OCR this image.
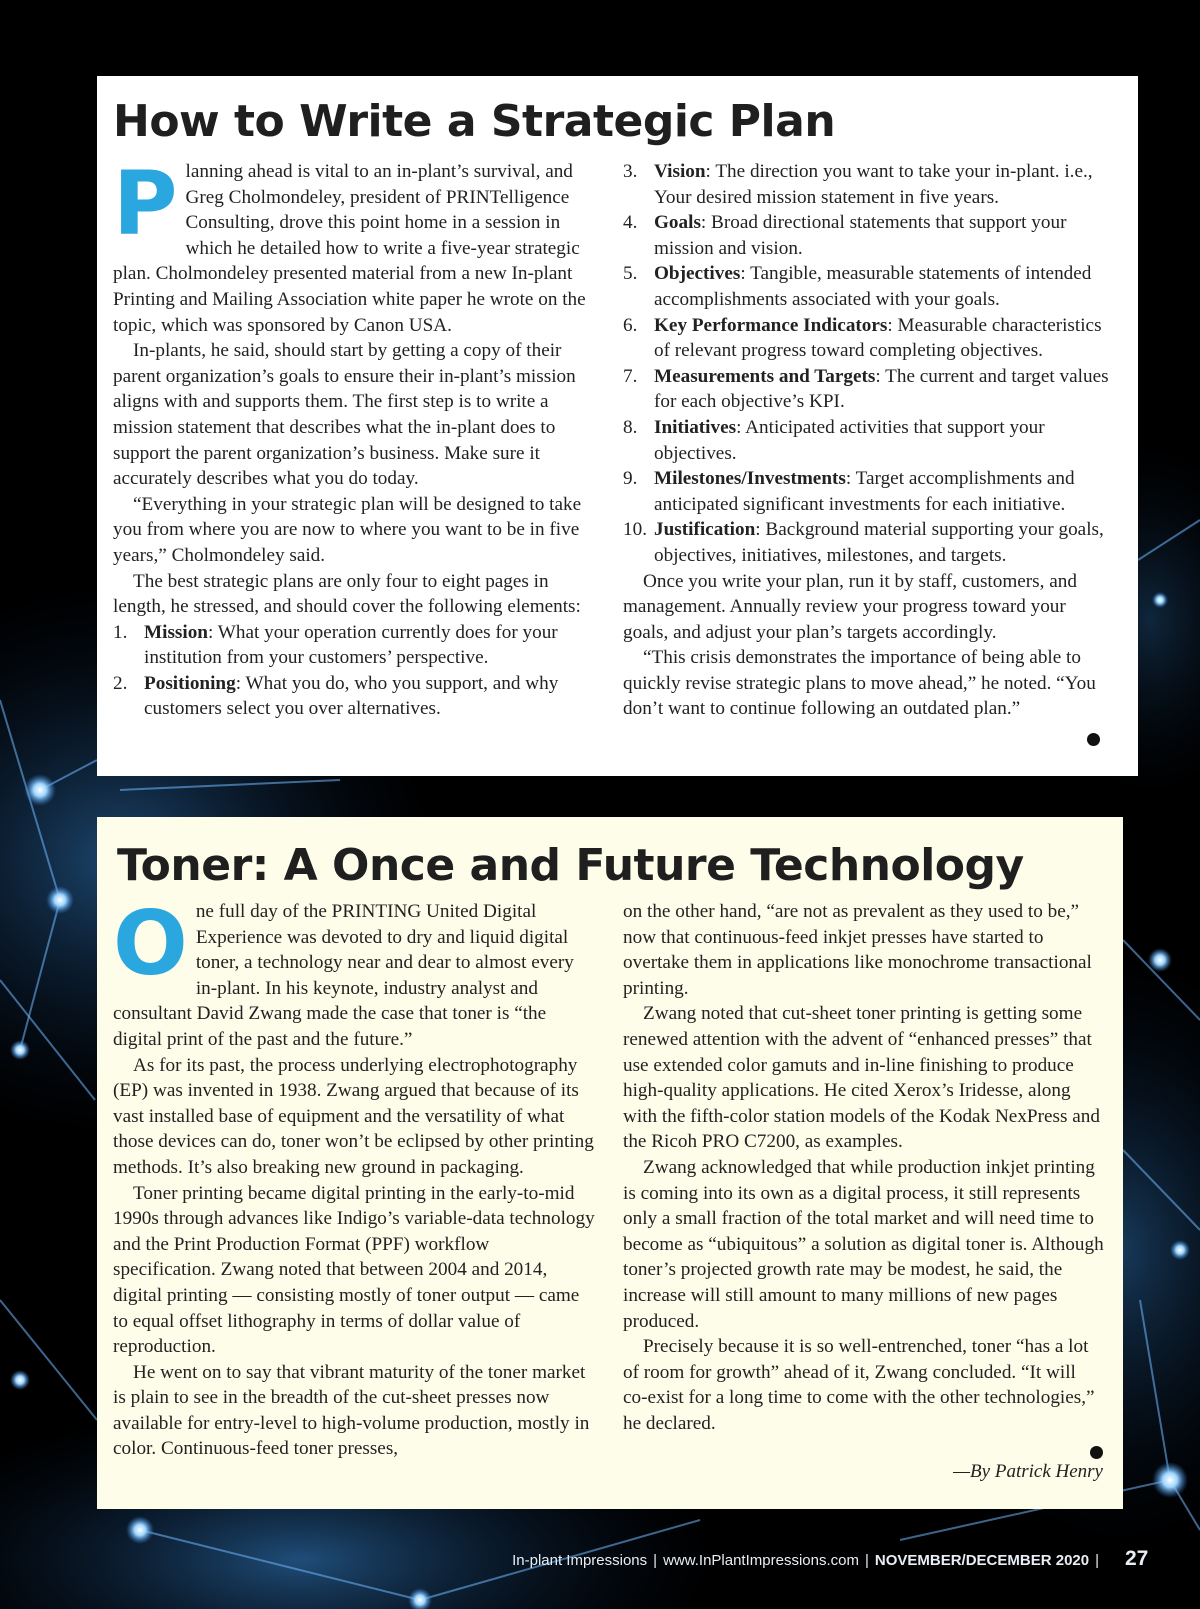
How to Write a Strategic Plan

Planning ahead is vital to an in-plant’s survival, and Greg Cholmondeley, president of PRINTelligence Consulting, drove this point home in a session in which he detailed how to write a five-year strategic plan. Cholmondeley presented material from a new In-plant Printing and Mailing Association white paper he wrote on the topic, which was sponsored by Canon USA.

In-plants, he said, should start by getting a copy of their parent organization’s goals to ensure their in-plant’s mission aligns with and supports them. The first step is to write a mission statement that describes what the in-plant does to support the parent organization’s business. Make sure it accurately describes what you do today.

“Everything in your strategic plan will be designed to take you from where you are now to where you want to be in five years,” Cholmondeley said.

The best strategic plans are only four to eight pages in length, he stressed, and should cover the following elements:

1. Mission: What your operation currently does for your institution from your customers’ perspective.
2. Positioning: What you do, who you support, and why customers select you over alternatives.
3. Vision: The direction you want to take your in-plant. i.e., Your desired mission statement in five years.
4. Goals: Broad directional statements that support your mission and vision.
5. Objectives: Tangible, measurable statements of intended accomplishments associated with your goals.
6. Key Performance Indicators: Measurable characteristics of relevant progress toward completing objectives.
7. Measurements and Targets: The current and target values for each objective’s KPI.
8. Initiatives: Anticipated activities that support your objectives.
9. Milestones/Investments: Target accomplishments and anticipated significant investments for each initiative.
10. Justification: Background material supporting your goals, objectives, initiatives, milestones, and targets.

Once you write your plan, run it by staff, customers, and management. Annually review your progress toward your goals, and adjust your plan’s targets accordingly.

“This crisis demonstrates the importance of being able to quickly revise strategic plans to move ahead,” he noted. “You don’t want to continue following an outdated plan.”

Toner: A Once and Future Technology

One full day of the PRINTING United Digital Experience was devoted to dry and liquid digital toner, a technology near and dear to almost every in-plant. In his keynote, industry analyst and consultant David Zwang made the case that toner is “the digital print of the past and the future.”

As for its past, the process underlying electrophotography (EP) was invented in 1938. Zwang argued that because of its vast installed base of equipment and the versatility of what those devices can do, toner won’t be eclipsed by other printing methods. It’s also breaking new ground in packaging.

Toner printing became digital printing in the early-to-mid 1990s through advances like Indigo’s variable-data technology and the Print Production Format (PPF) workflow specification. Zwang noted that between 2004 and 2014, digital printing — consisting mostly of toner output — came to equal offset lithography in terms of dollar value of reproduction.

He went on to say that vibrant maturity of the toner market is plain to see in the breadth of the cut-sheet presses now available for entry-level to high-volume production, mostly in color. Continuous-feed toner presses,

on the other hand, “are not as prevalent as they used to be,” now that continuous-feed inkjet presses have started to overtake them in applications like monochrome transactional printing.

Zwang noted that cut-sheet toner printing is getting some renewed attention with the advent of “enhanced presses” that use extended color gamuts and in-line finishing to produce high-quality applications. He cited Xerox’s Iridesse, along with the fifth-color station models of the Kodak NexPress and the Ricoh PRO C7200, as examples.

Zwang acknowledged that while production inkjet printing is coming into its own as a digital process, it still represents only a small fraction of the total market and will need time to become as “ubiquitous” a solution as digital toner is. Although toner’s projected growth rate may be modest, he said, the increase will still amount to many millions of new pages produced.

Precisely because it is so well-entrenched, toner “has a lot of room for growth” ahead of it, Zwang concluded. “It will co-exist for a long time to come with the other technologies,” he declared.

—By Patrick Henry
In-plant Impressions | www.InPlantImpressions.com | NOVEMBER/DECEMBER 2020 | 27
